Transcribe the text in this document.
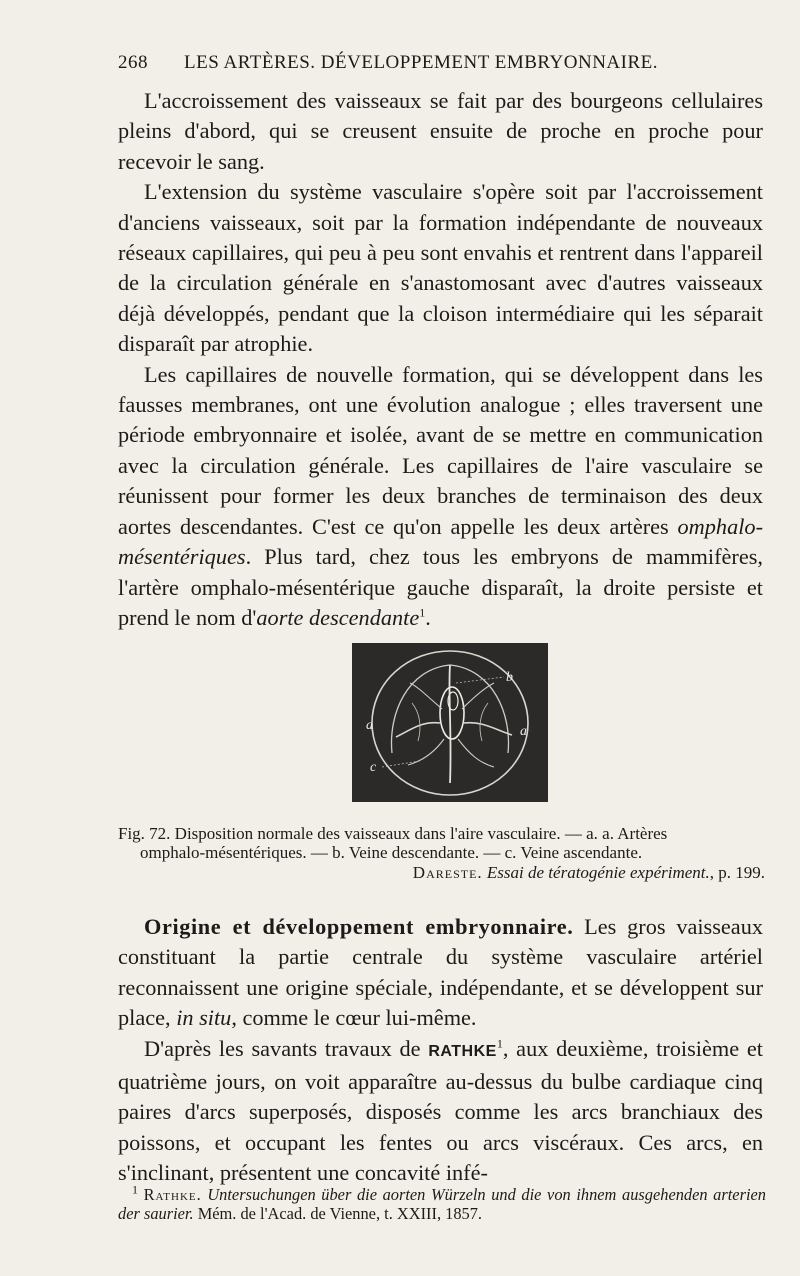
268 LES ARTÈRES. DÉVELOPPEMENT EMBRYONNAIRE.

L'accroissement des vaisseaux se fait par des bourgeons cellulaires pleins d'abord, qui se creusent ensuite de proche en proche pour recevoir le sang.

L'extension du système vasculaire s'opère soit par l'accroissement d'anciens vaisseaux, soit par la formation indépendante de nouveaux réseaux capillaires, qui peu à peu sont envahis et rentrent dans l'appareil de la circulation générale en s'anastomosant avec d'autres vaisseaux déjà développés, pendant que la cloison intermédiaire qui les séparait disparaît par atrophie.

Les capillaires de nouvelle formation, qui se développent dans les fausses membranes, ont une évolution analogue ; elles traversent une période embryonnaire et isolée, avant de se mettre en communication avec la circulation générale. Les capillaires de l'aire vasculaire se réunissent pour former les deux branches de terminaison des deux aortes descendantes. C'est ce qu'on appelle les deux artères omphalo-mésentériques. Plus tard, chez tous les embryons de mammifères, l'artère omphalo-mésentérique gauche disparaît, la droite persiste et prend le nom d'aorte descendante$^1$.

b
a	a
c
Fig. 72. Disposition normale des vaisseaux dans l'aire vasculaire. — a. a. Artères
omphalo-mésentériques. — b. Veine descendante. — c. Veine ascendante.
Dareste. Essai de tératogénie expériment., p. 199.

Origine et développement embryonnaire. Les gros vaisseaux constituant la partie centrale du système vasculaire artériel reconnaissent une origine spéciale, indépendante, et se développent sur place, in situ, comme le cœur lui-même.

D'après les savants travaux de RATHKE$^1$, aux deuxième, troisième et quatrième jours, on voit apparaître au-dessus du bulbe cardiaque cinq paires d'arcs superposés, disposés comme les arcs branchiaux des poissons, et occupant les fentes ou arcs viscéraux. Ces arcs, en s'inclinant, présentent une concavité infé-

$^1$ Rathke. Untersuchungen über die aorten Würzeln und die von ihnem ausgehenden arterien der saurier. Mém. de l'Acad. de Vienne, t. XXIII, 1857.
